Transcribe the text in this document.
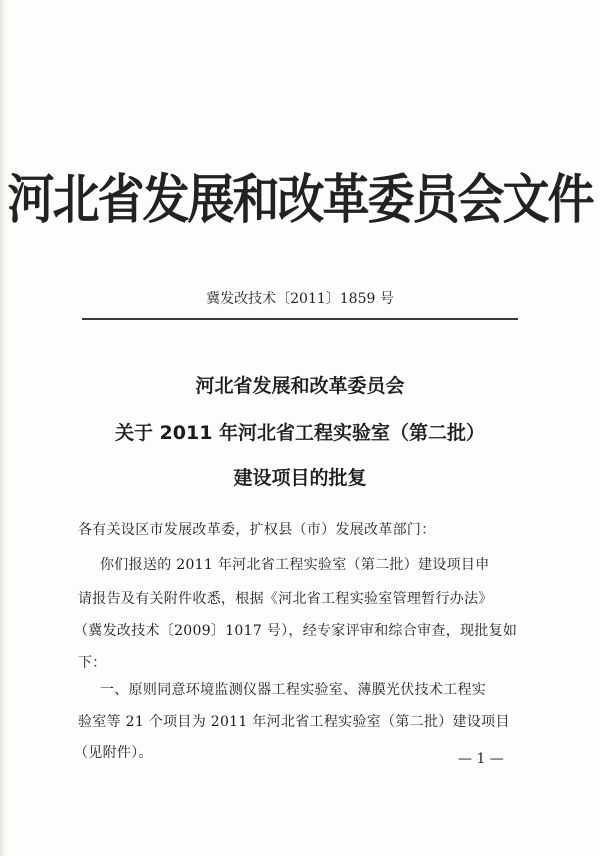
河北省发展和改革委员会文件
冀发改技术〔2011〕1859 号
河北省发展和改革委员会
关于 2011 年河北省工程实验室（第二批）
建设项目的批复
各有关设区市发展改革委，扩权县（市）发展改革部门：
你们报送的 2011 年河北省工程实验室（第二批）建设项目申
请报告及有关附件收悉，根据《河北省工程实验室管理暂行办法》
（冀发改技术〔2009〕1017 号），经专家评审和综合审查，现批复如
下：
一、原则同意环境监测仪器工程实验室、薄膜光伏技术工程实
验室等 21 个项目为 2011 年河北省工程实验室（第二批）建设项目
（见附件）。	— 1 —
